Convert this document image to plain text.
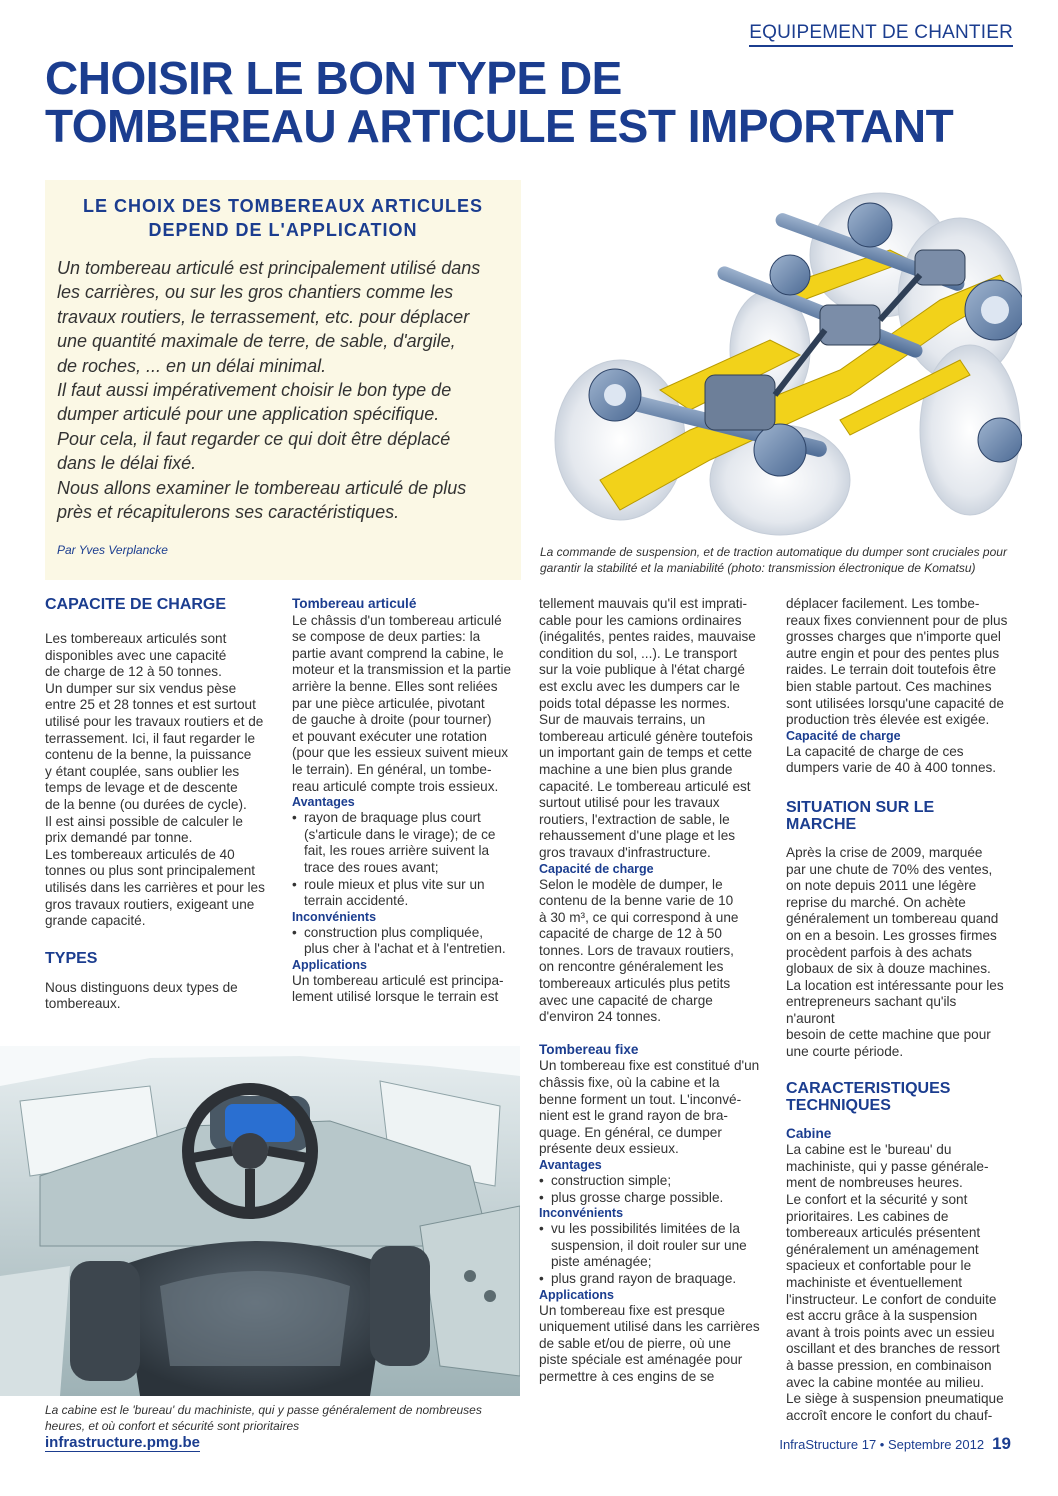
EQUIPEMENT DE CHANTIER
CHOISIR LE BON TYPE DE
TOMBEREAU ARTICULE EST IMPORTANT
LE CHOIX DES TOMBEREAUX ARTICULES
DEPEND DE L'APPLICATION
Un tombereau articulé est principalement utilisé dans
les carrières, ou sur les gros chantiers comme les
travaux routiers, le terrassement, etc. pour déplacer
une quantité maximale de terre, de sable, d'argile,
de roches, ... en un délai minimal.
Il faut aussi impérativement choisir le bon type de
dumper articulé pour une application spécifique.
Pour cela, il faut regarder ce qui doit être déplacé
dans le délai fixé.
Nous allons examiner le tombereau articulé de plus
près et récapitulerons ses caractéristiques.
Par Yves Verplancke	La commande de suspension, et de traction automatique du dumper sont cruciales pour
garantir la stabilité et la maniabilité (photo: transmission électronique de Komatsu)

CAPACITE DE CHARGE

Les tombereaux articulés sont
disponibles avec une capacité
de charge de 12 à 50 tonnes.
Un dumper sur six vendus pèse
entre 25 et 28 tonnes et est surtout
utilisé pour les travaux routiers et de
terrassement. Ici, il faut regarder le
contenu de la benne, la puissance
y étant couplée, sans oublier les
temps de levage et de descente
de la benne (ou durées de cycle).
Il est ainsi possible de calculer le
prix demandé par tonne.
Les tombereaux articulés de 40
tonnes ou plus sont principalement
utilisés dans les carrières et pour les
gros travaux routiers, exigeant une
grande capacité.

TYPES

Nous distinguons deux types de
tombereaux.

Tombereau articulé

Le châssis d'un tombereau articulé
se compose de deux parties: la
partie avant comprend la cabine, le
moteur et la transmission et la partie
arrière la benne. Elles sont reliées
par une pièce articulée, pivotant
de gauche à droite (pour tourner)
et pouvant exécuter une rotation
(pour que les essieux suivent mieux
le terrain). En général, un tombe-
reau articulé compte trois essieux.

Avantages

• rayon de braquage plus court
(s'articule dans le virage); de ce
fait, les roues arrière suivent la
trace des roues avant;
• roule mieux et plus vite sur un
terrain accidenté.

Inconvénients

• construction plus compliquée,
plus cher à l'achat et à l'entretien.

Applications

Un tombereau articulé est principa-
lement utilisé lorsque le terrain est
tellement mauvais qu'il est imprati-
cable pour les camions ordinaires
(inégalités, pentes raides, mauvaise
condition du sol, ...). Le transport
sur la voie publique à l'état chargé
est exclu avec les dumpers car le
poids total dépasse les normes.
Sur de mauvais terrains, un
tombereau articulé génère toutefois
un important gain de temps et cette
machine a une bien plus grande
capacité. Le tombereau articulé est
surtout utilisé pour les travaux
routiers, l'extraction de sable, le
rehaussement d'une plage et les
gros travaux d'infrastructure.

Capacité de charge

Selon le modèle de dumper, le
contenu de la benne varie de 10
à 30 m³, ce qui correspond à une
capacité de charge de 12 à 50
tonnes. Lors de travaux routiers,
on rencontre généralement les
tombereaux articulés plus petits
avec une capacité de charge
d'environ 24 tonnes.

Tombereau fixe

Un tombereau fixe est constitué d'un
châssis fixe, où la cabine et la
benne forment un tout. L'inconvé-
nient est le grand rayon de bra-
quage. En général, ce dumper
présente deux essieux.

Avantages

• construction simple;
• plus grosse charge possible.

Inconvénients

• vu les possibilités limitées de la
suspension, il doit rouler sur une
piste aménagée;
• plus grand rayon de braquage.

Applications

Un tombereau fixe est presque
uniquement utilisé dans les carrières
de sable et/ou de pierre, où une
piste spéciale est aménagée pour
permettre à ces engins de se
déplacer facilement. Les tombe-
reaux fixes conviennent pour de plus
grosses charges que n'importe quel
autre engin et pour des pentes plus
raides. Le terrain doit toutefois être
bien stable partout. Ces machines
sont utilisées lorsqu'une capacité de
production très élevée est exigée.

Capacité de charge

La capacité de charge de ces
dumpers varie de 40 à 400 tonnes.

SITUATION SUR LE MARCHE

Après la crise de 2009, marquée
par une chute de 70% des ventes,
on note depuis 2011 une légère
reprise du marché. On achète
généralement un tombereau quand
on en a besoin. Les grosses firmes
procèdent parfois à des achats
globaux de six à douze machines.
La location est intéressante pour les
entrepreneurs sachant qu'ils n'auront
besoin de cette machine que pour
une courte période.

CARACTERISTIQUES
TECHNIQUES

Cabine

La cabine est le 'bureau' du
machiniste, qui y passe générale-
ment de nombreuses heures.
Le confort et la sécurité y sont
prioritaires. Les cabines de
tombereaux articulés présentent
généralement un aménagement
spacieux et confortable pour le
machiniste et éventuellement
l'instructeur. Le confort de conduite
est accru grâce à la suspension
avant à trois points avec un essieu
oscillant et des branches de ressort
à basse pression, en combinaison
avec la cabine montée au milieu.
Le siège à suspension pneumatique
accroît encore le confort du chauf-
La cabine est le 'bureau' du machiniste, qui y passe généralement de nombreuses
heures, et où confort et sécurité sont prioritaires
infrastructure.pmg.be	InfraStructure 17 • Septembre 2012 19
